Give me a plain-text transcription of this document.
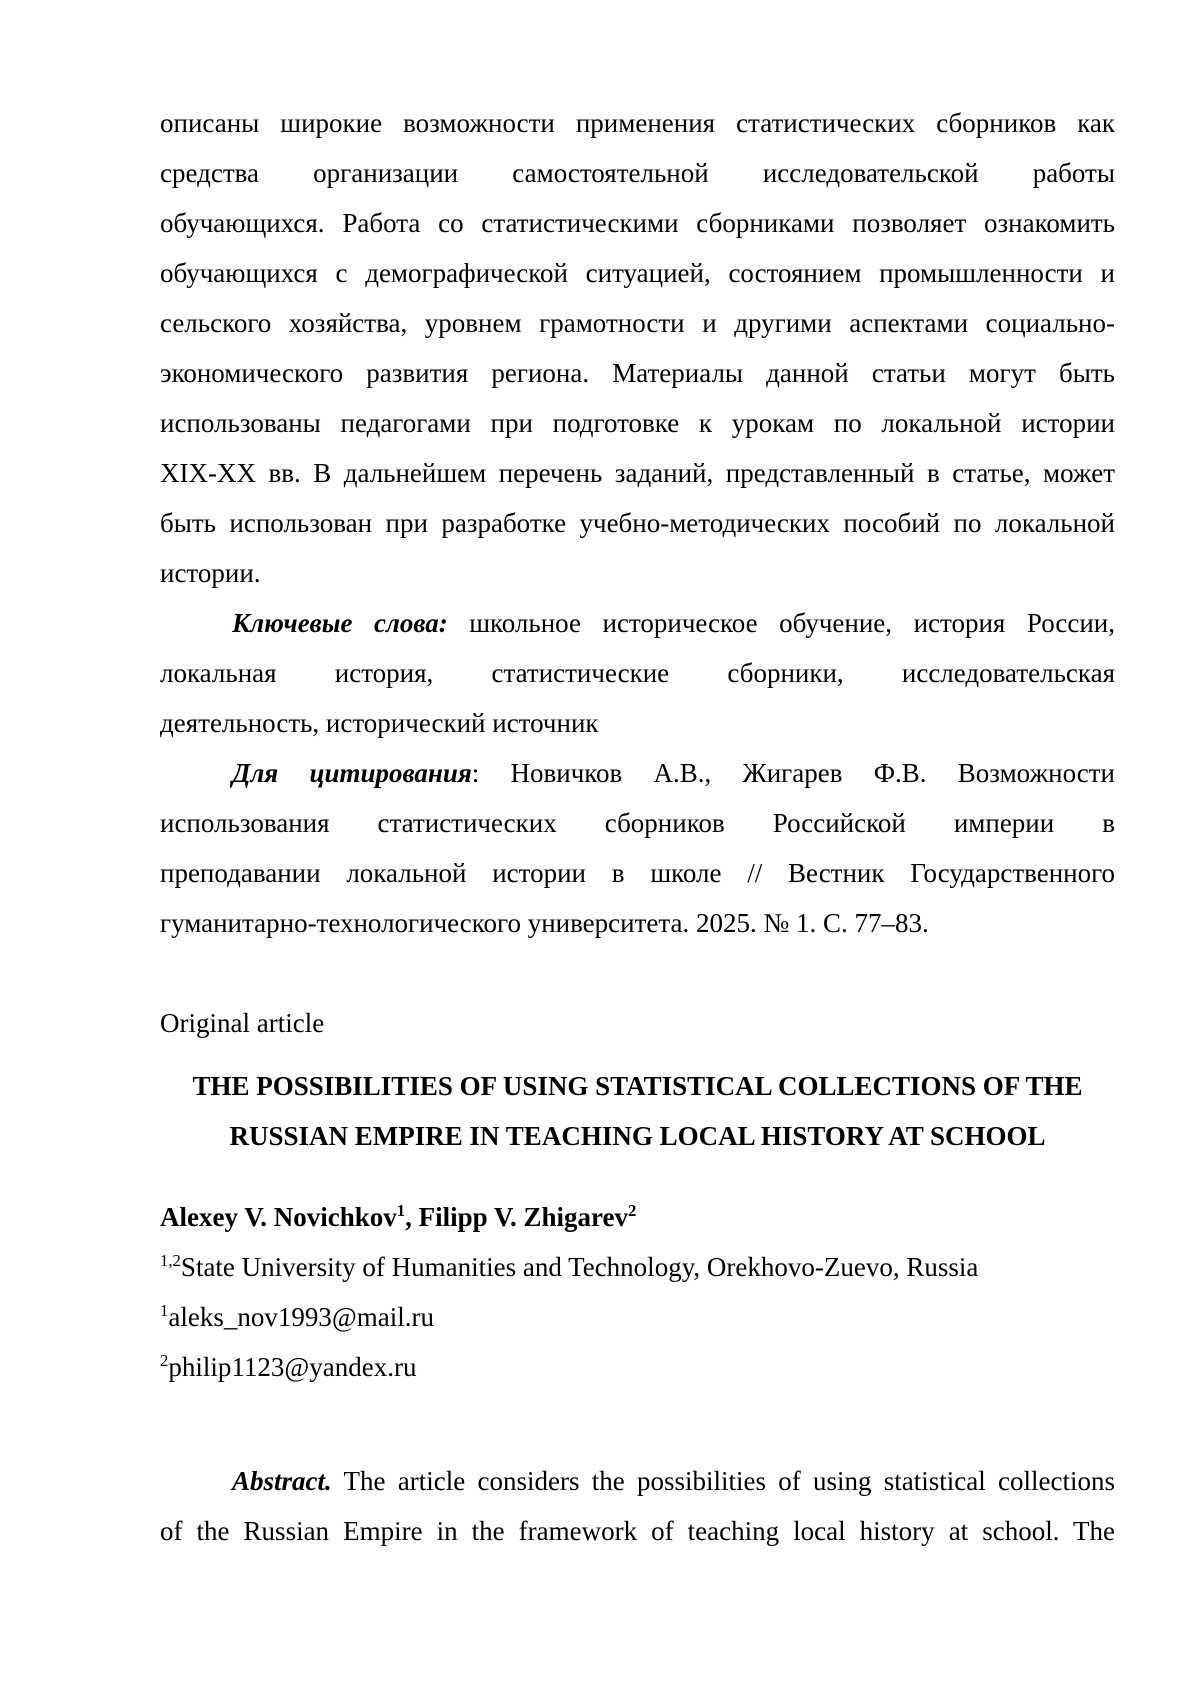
описаны широкие возможности применения статистических сборников как
средства организации самостоятельной исследовательской работы
обучающихся. Работа со статистическими сборниками позволяет ознакомить
обучающихся с демографической ситуацией, состоянием промышленности и
сельского хозяйства, уровнем грамотности и другими аспектами социально-
экономического развития региона. Материалы данной статьи могут быть
использованы педагогами при подготовке к урокам по локальной истории
XIX-XX вв. В дальнейшем перечень заданий, представленный в статье, может
быть использован при разработке учебно-методических пособий по локальной
истории.
Ключевые слова: школьное историческое обучение, история России,
локальная история, статистические сборники, исследовательская
деятельность, исторический источник
Для цитирования: Новичков А.В., Жигарев Ф.В. Возможности
использования статистических сборников Российской империи в
преподавании локальной истории в школе // Вестник Государственного
гуманитарно-технологического университета. 2025. № 1. С. 77–83.
Original article
THE POSSIBILITIES OF USING STATISTICAL COLLECTIONS OF THE
RUSSIAN EMPIRE IN TEACHING LOCAL HISTORY AT SCHOOL
Alexey V. Novichkov$^1$, Filipp V. Zhigarev$^2$
$^{1,2}$State University of Humanities and Technology, Orekhovo-Zuevo, Russia
$^1$aleks_nov1993@mail.ru
$^2$philip1123@yandex.ru
Abstract. The article considers the possibilities of using statistical collections
of the Russian Empire in the framework of teaching local history at school. The
